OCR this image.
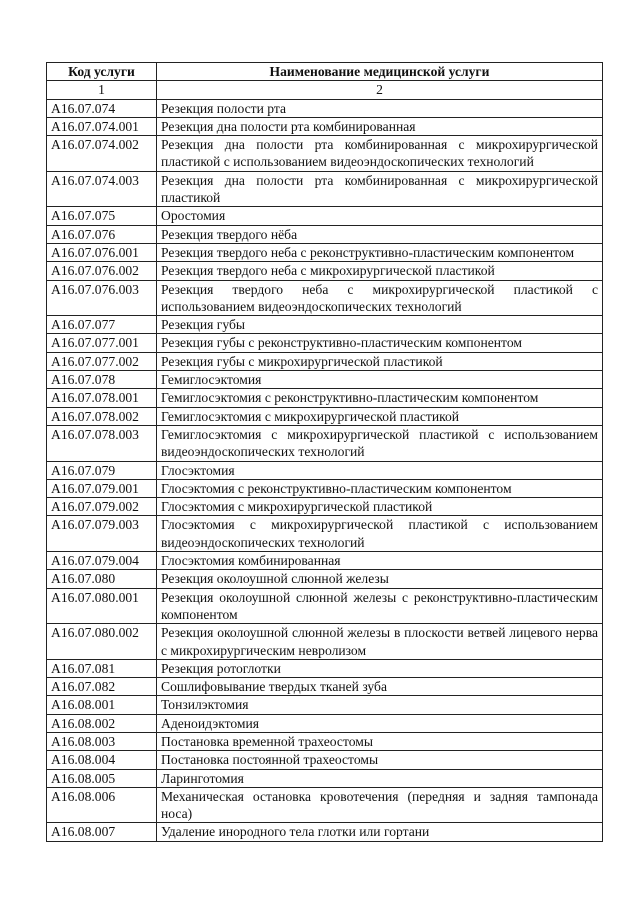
Код услуги	Наименование медицинской услуги
1	2
A16.07.074	Резекция полости рта
A16.07.074.001	Резекция дна полости рта комбинированная
A16.07.074.002	Резекция дна полости рта комбинированная с микрохирургической пластикой с использованием видеоэндоскопических технологий
A16.07.074.003	Резекция дна полости рта комбинированная с микрохирургической пластикой
A16.07.075	Оростомия
A16.07.076	Резекция твердого нёба
A16.07.076.001	Резекция твердого неба с реконструктивно-пластическим компонентом
A16.07.076.002	Резекция твердого неба с микрохирургической пластикой
A16.07.076.003	Резекция твердого неба с микрохирургической пластикой с использованием видеоэндоскопических технологий
A16.07.077	Резекция губы
A16.07.077.001	Резекция губы с реконструктивно-пластическим компонентом
A16.07.077.002	Резекция губы с микрохирургической пластикой
A16.07.078	Гемиглосэктомия
A16.07.078.001	Гемиглосэктомия с реконструктивно-пластическим компонентом
A16.07.078.002	Гемиглосэктомия с микрохирургической пластикой
A16.07.078.003	Гемиглосэктомия с микрохирургической пластикой с использованием видеоэндоскопических технологий
A16.07.079	Глосэктомия
A16.07.079.001	Глосэктомия с реконструктивно-пластическим компонентом
A16.07.079.002	Глосэктомия с микрохирургической пластикой
A16.07.079.003	Глосэктомия с микрохирургической пластикой с использованием видеоэндоскопических технологий
A16.07.079.004	Глосэктомия комбинированная
A16.07.080	Резекция околоушной слюнной железы
A16.07.080.001	Резекция околоушной слюнной железы с реконструктивно-пластическим компонентом
A16.07.080.002	Резекция околоушной слюнной железы в плоскости ветвей лицевого нерва с микрохирургическим невролизом
A16.07.081	Резекция ротоглотки
A16.07.082	Сошлифовывание твердых тканей зуба
A16.08.001	Тонзилэктомия
A16.08.002	Аденоидэктомия
A16.08.003	Постановка временной трахеостомы
A16.08.004	Постановка постоянной трахеостомы
A16.08.005	Ларинготомия
A16.08.006	Механическая остановка кровотечения (передняя и задняя тампонада носа)
A16.08.007	Удаление инородного тела глотки или гортани
